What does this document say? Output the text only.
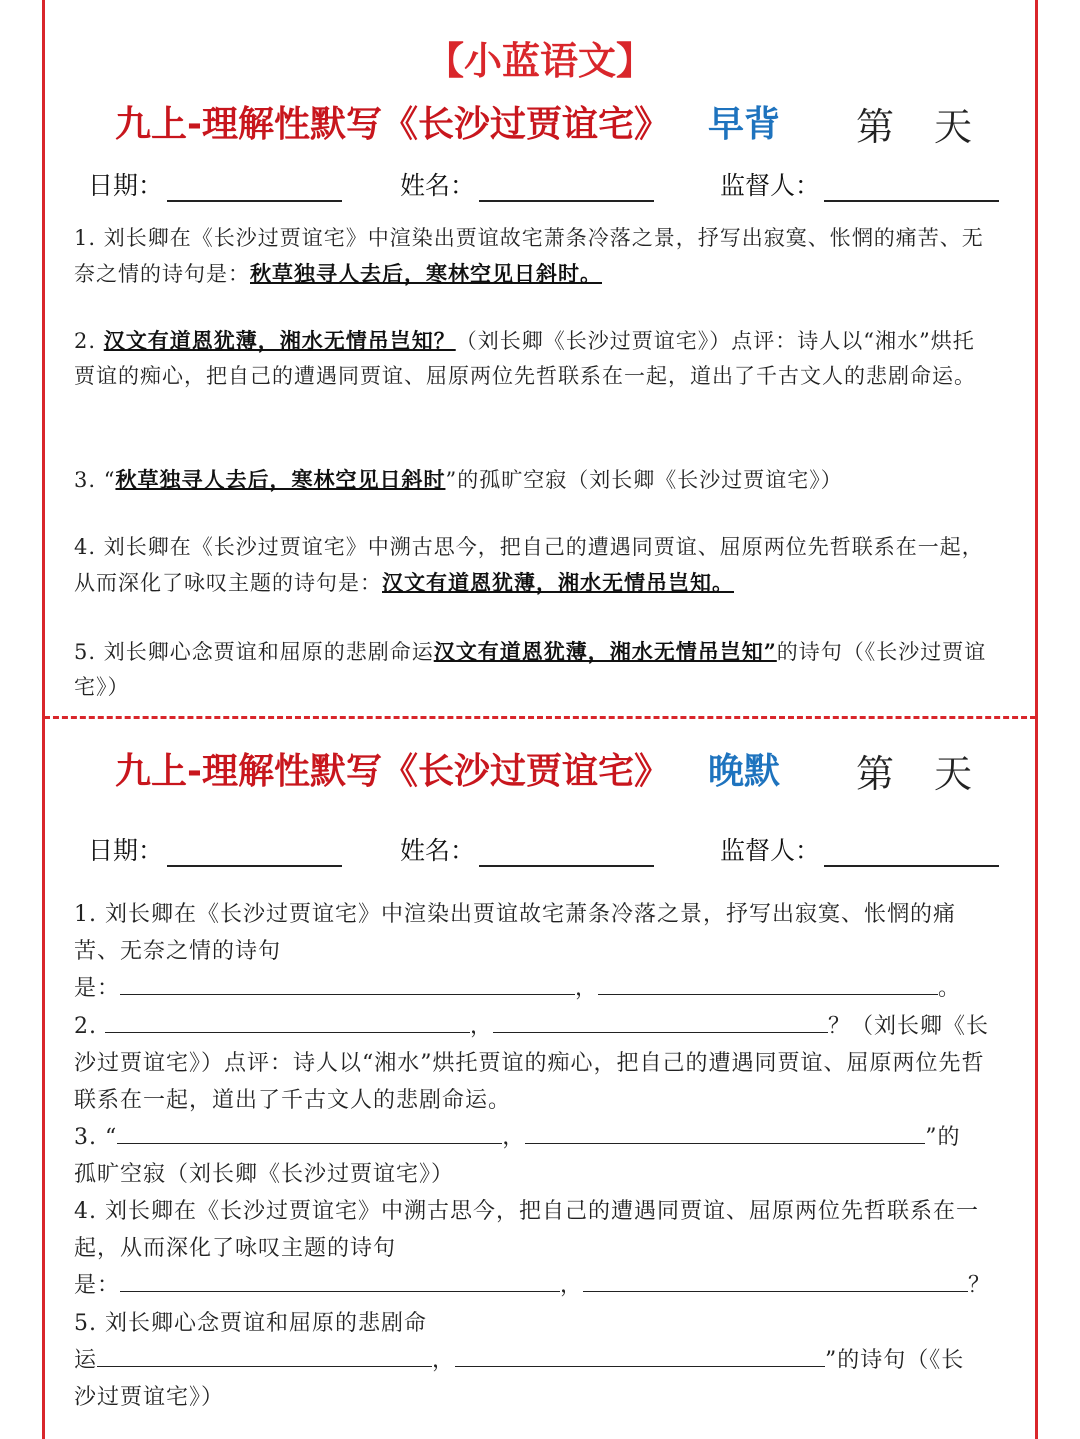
【小蓝语文】
九上-理解性默写《长沙过贾谊宅》 早背 第 天
日期：	姓名：	监督人：
1. 刘长卿在《长沙过贾谊宅》中渲染出贾谊故宅萧条冷落之景，抒写出寂寞、怅惘的痛苦、无奈之情的诗句是：秋草独寻人去后，寒林空见日斜时。
2. 汉文有道恩犹薄，湘水无情吊岂知？（刘长卿《长沙过贾谊宅》）点评：诗人以“湘水”烘托贾谊的痴心，把自己的遭遇同贾谊、屈原两位先哲联系在一起，道出了千古文人的悲剧命运。
3. “秋草独寻人去后，寒林空见日斜时”的孤旷空寂（刘长卿《长沙过贾谊宅》）
4. 刘长卿在《长沙过贾谊宅》中溯古思今，把自己的遭遇同贾谊、屈原两位先哲联系在一起，从而深化了咏叹主题的诗句是：汉文有道恩犹薄，湘水无情吊岂知。
5. 刘长卿心念贾谊和屈原的悲剧命运汉文有道恩犹薄，湘水无情吊岂知”的诗句（《长沙过贾谊宅》）
九上-理解性默写《长沙过贾谊宅》 晚默 第 天
日期：	姓名：	监督人：
1. 刘长卿在《长沙过贾谊宅》中渲染出贾谊故宅萧条冷落之景，抒写出寂寞、怅惘的痛苦、无奈之情的诗句
是：	，	。
2.	，	？（刘长卿《长沙过贾谊宅》）点评：诗人以“湘水”烘托贾谊的痴心，把自己的遭遇同贾谊、屈原两位先哲联系在一起，道出了千古文人的悲剧命运。
3. “	，	”的
孤旷空寂（刘长卿《长沙过贾谊宅》）
4. 刘长卿在《长沙过贾谊宅》中溯古思今，把自己的遭遇同贾谊、屈原两位先哲联系在一起，从而深化了咏叹主题的诗句
是：	，	？
5. 刘长卿心念贾谊和屈原的悲剧命
运	，	”的诗句（《长
沙过贾谊宅》）
